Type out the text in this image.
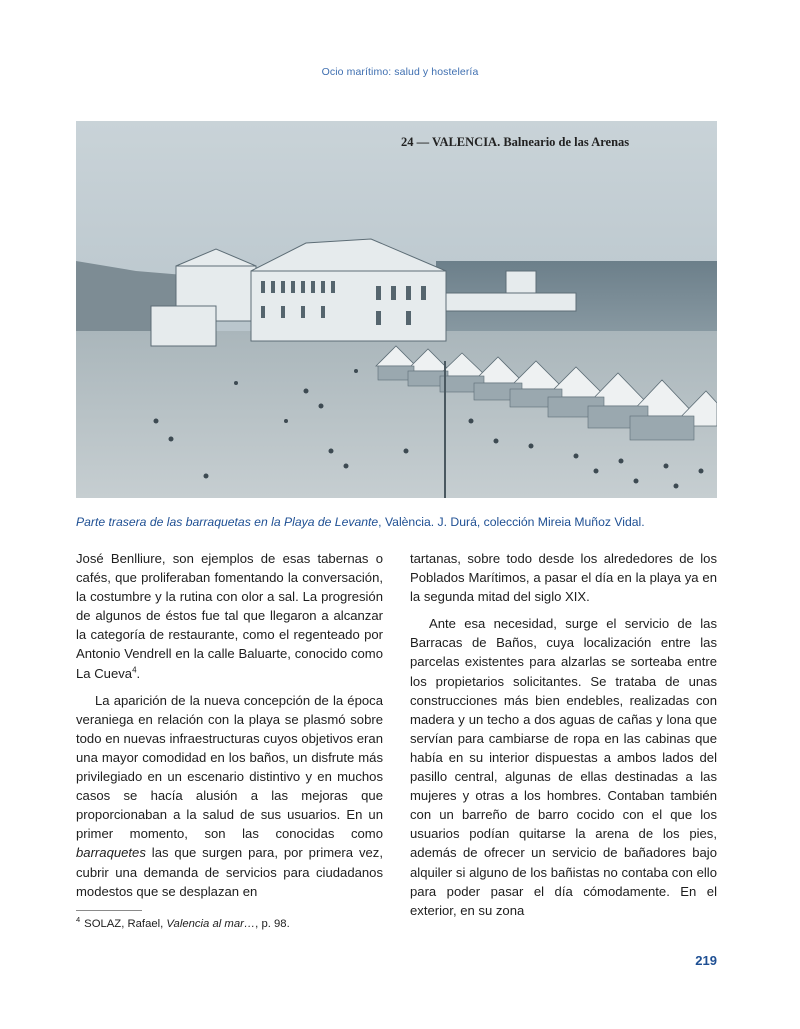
Ocio marítimo: salud y hostelería
24 — VALENCIA. Balneario de las Arenas
Parte trasera de las barraquetas en la Playa de Levante, València. J. Durá, colección Mireia Muñoz Vidal.

José Benlliure, son ejemplos de esas tabernas o cafés, que proliferaban fomentando la conversación, la costumbre y la rutina con olor a sal. La progresión de algunos de éstos fue tal que llegaron a alcanzar la categoría de restaurante, como el regenteado por Antonio Vendrell en la calle Baluarte, conocido como La Cueva$^4$.

La aparición de la nueva concepción de la época veraniega en relación con la playa se plasmó sobre todo en nuevas infraestructuras cuyos objetivos eran una mayor comodidad en los baños, un disfrute más privilegiado en un escenario distintivo y en muchos casos se hacía alusión a las mejoras que proporcionaban a la salud de sus usuarios. En un primer momento, son las conocidas como barraquetes las que surgen para, por primera vez, cubrir una demanda de servicios para ciudadanos modestos que se desplazan en

tartanas, sobre todo desde los alrededores de los Poblados Marítimos, a pasar el día en la playa ya en la segunda mitad del siglo XIX.

Ante esa necesidad, surge el servicio de las Barracas de Baños, cuya localización entre las parcelas existentes para alzarlas se sorteaba entre los propietarios solicitantes. Se trataba de unas construcciones más bien endebles, realizadas con madera y un techo a dos aguas de cañas y lona que servían para cambiarse de ropa en las cabinas que había en su interior dispuestas a ambos lados del pasillo central, algunas de ellas destinadas a las mujeres y otras a los hombres. Contaban también con un barreño de barro cocido con el que los usuarios podían quitarse la arena de los pies, además de ofrecer un servicio de bañadores bajo alquiler si alguno de los bañistas no contaba con ello para poder pasar el día cómodamente. En el exterior, en su zona

$^4$ SOLAZ, Rafael, Valencia al mar…, p. 98.
219
